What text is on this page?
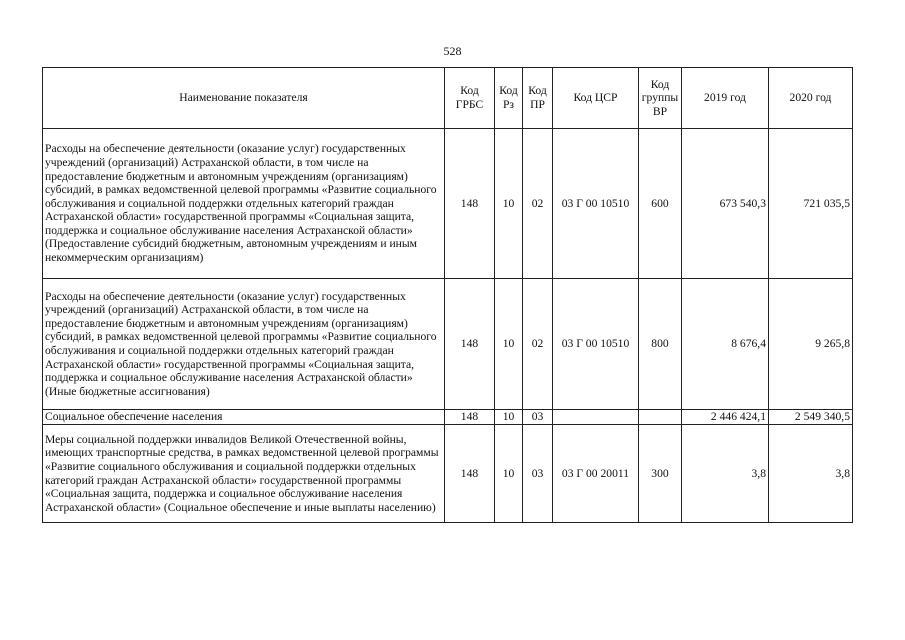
528
Наименование показателя	Код ГРБС	Код Рз	Код ПР	Код ЦСР	Код группы ВР	2019 год	2020 год
Расходы на обеспечение деятельности (оказание услуг) государственных учреждений (организаций) Астраханской области, в том числе на предоставление бюджетным и автономным учреждениям (организациям) субсидий, в рамках ведомственной целевой программы «Развитие социального обслуживания и социальной поддержки отдельных категорий граждан Астраханской области» государственной программы «Социальная защита, поддержка и социальное обслуживание населения Астраханской области» (Предоставление субсидий бюджетным, автономным учреждениям и иным некоммерческим организациям)	148	10	02	03 Г 00 10510	600	673 540,3	721 035,5
Расходы на обеспечение деятельности (оказание услуг) государственных учреждений (организаций) Астраханской области, в том числе на предоставление бюджетным и автономным учреждениям (организациям) субсидий, в рамках ведомственной целевой программы «Развитие социального обслуживания и социальной поддержки отдельных категорий граждан Астраханской области» государственной программы «Социальная защита, поддержка и социальное обслуживание населения Астраханской области» (Иные бюджетные ассигнования)	148	10	02	03 Г 00 10510	800	8 676,4	9 265,8
Социальное обеспечение населения	148	10	03			2 446 424,1	2 549 340,5
Меры социальной поддержки инвалидов Великой Отечественной войны, имеющих транспортные средства, в рамках ведомственной целевой программы «Развитие социального обслуживания и социальной поддержки отдельных категорий граждан Астраханской области» государственной программы «Социальная защита, поддержка и социальное обслуживание населения Астраханской области» (Социальное обеспечение и иные выплаты населению)	148	10	03	03 Г 00 20011	300	3,8	3,8
